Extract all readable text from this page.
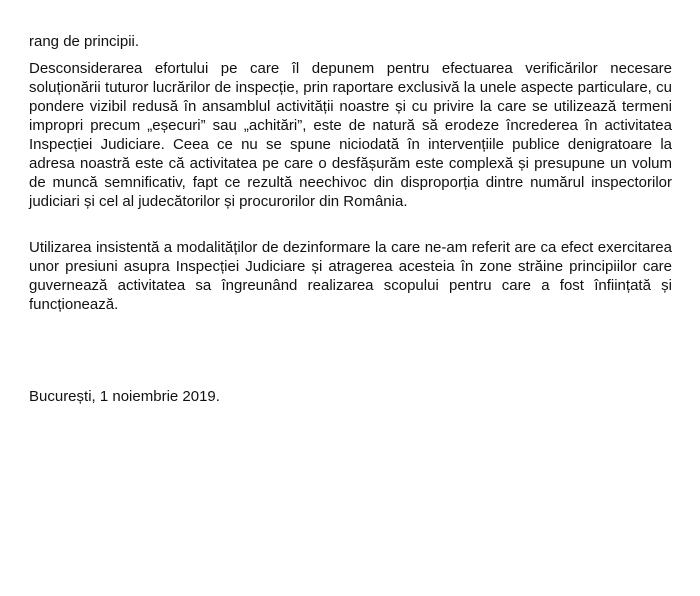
rang de principii.

Desconsiderarea efortului pe care îl depunem pentru efectuarea verificărilor necesare soluționării tuturor lucrărilor de inspecție, prin raportare exclusivă la unele aspecte particulare, cu pondere vizibil redusă în ansamblul activității noastre și cu privire la care se utilizează termeni impropri precum „eșecuri” sau „achitări”, este de natură să erodeze încrederea în activitatea Inspecției Judiciare. Ceea ce nu se spune niciodată în intervențiile publice denigratoare la adresa noastră este că activitatea pe care o desfășurăm este complexă și presupune un volum de muncă semnificativ, fapt ce rezultă neechivoc din disproporția dintre numărul inspectorilor judiciari și cel al judecătorilor și procurorilor din România.

Utilizarea insistentă a modalităților de dezinformare la care ne-am referit are ca efect exercitarea unor presiuni asupra Inspecției Judiciare și atragerea acesteia în zone străine principiilor care guvernează activitatea sa îngreunând realizarea scopului pentru care a fost înființată și funcționează.

București, 1 noiembrie 2019.
